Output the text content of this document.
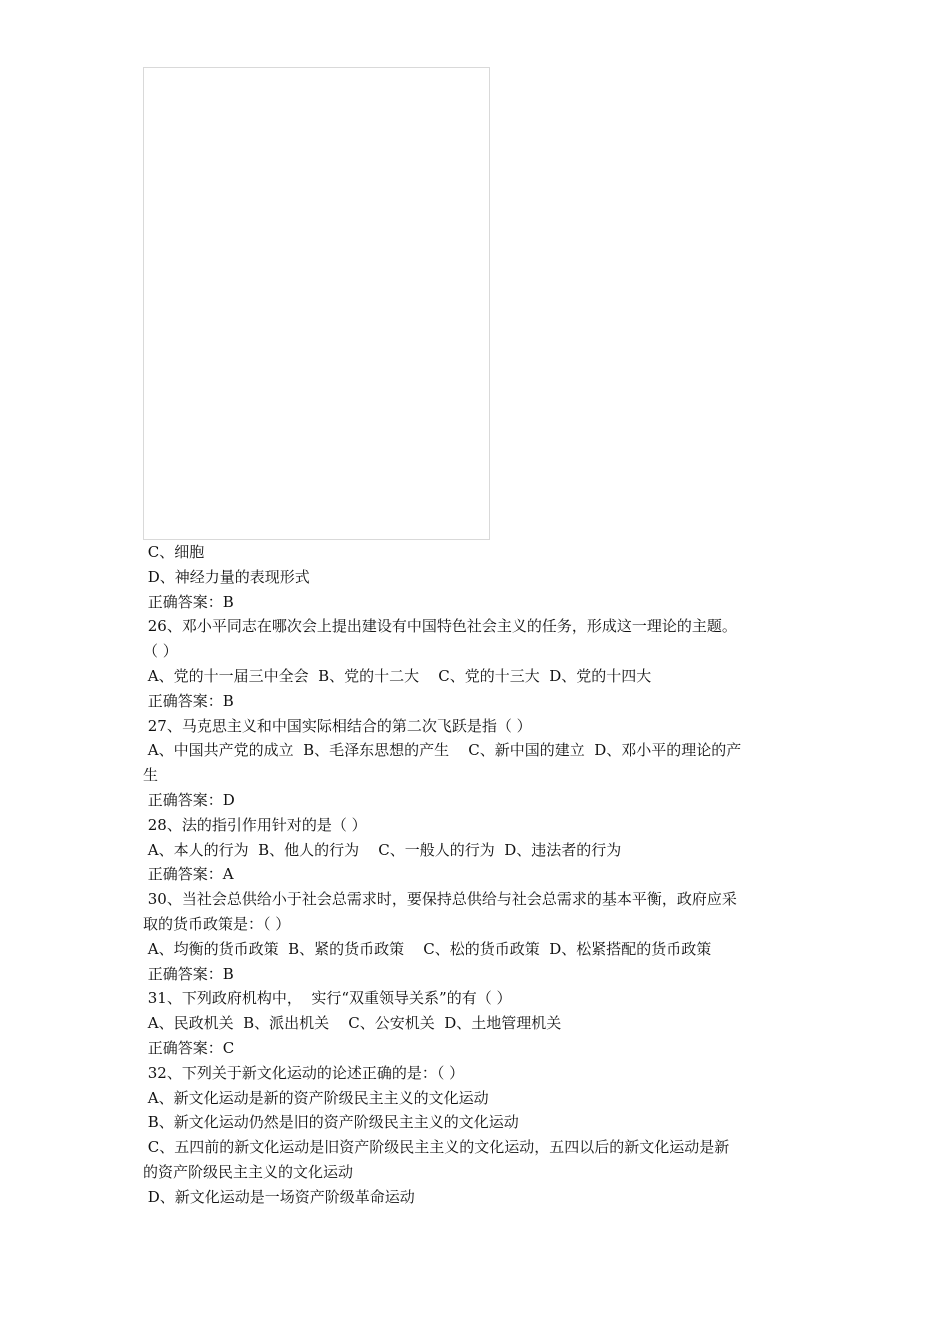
C、细胞

D、神经力量的表现形式

正确答案：B

26、邓小平同志在哪次会上提出建设有中国特色社会主义的任务，形成这一理论的主题。

（ ）

A、党的十一届三中全会  B、党的十二大    C、党的十三大  D、党的十四大

正确答案：B

27、马克思主义和中国实际相结合的第二次飞跃是指（ ）

A、中国共产党的成立  B、毛泽东思想的产生    C、新中国的建立  D、邓小平的理论的产

生

正确答案：D

28、法的指引作用针对的是（ ）

A、本人的行为  B、他人的行为    C、一般人的行为  D、违法者的行为

正确答案：A

30、当社会总供给小于社会总需求时，要保持总供给与社会总需求的基本平衡，政府应采

取的货币政策是：（ ）

A、均衡的货币政策  B、紧的货币政策    C、松的货币政策  D、松紧搭配的货币政策

正确答案：B

31、下列政府机构中，  实行“双重领导关系”的有（ ）

A、民政机关  B、派出机关    C、公安机关  D、土地管理机关

正确答案：C

32、下列关于新文化运动的论述正确的是：（ ）

A、新文化运动是新的资产阶级民主主义的文化运动

B、新文化运动仍然是旧的资产阶级民主主义的文化运动

C、五四前的新文化运动是旧资产阶级民主主义的文化运动，五四以后的新文化运动是新

的资产阶级民主主义的文化运动

D、新文化运动是一场资产阶级革命运动
